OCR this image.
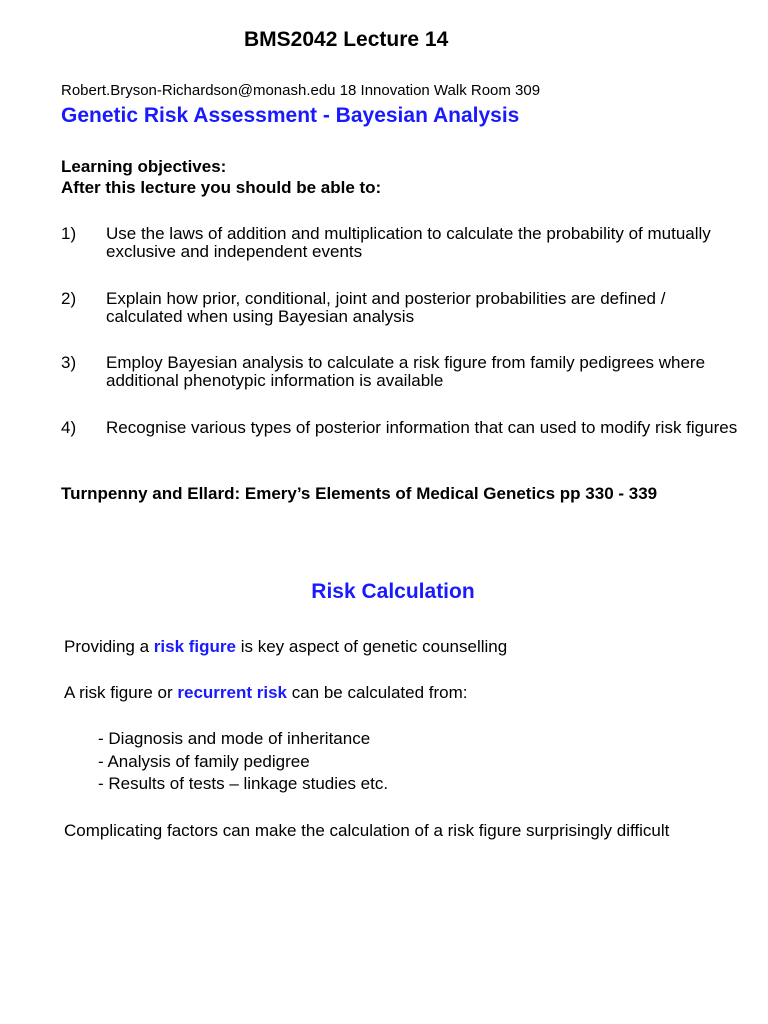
BMS2042 Lecture 14
Robert.Bryson-Richardson@monash.edu 18 Innovation Walk Room 309
Genetic Risk Assessment - Bayesian Analysis
Learning objectives:
After this lecture you should be able to:
1) Use the laws of addition and multiplication to calculate the probability of mutually exclusive and independent events
2) Explain how prior, conditional, joint and posterior probabilities are defined / calculated when using Bayesian analysis
3) Employ Bayesian analysis to calculate a risk figure from family pedigrees where additional phenotypic information is available
4) Recognise various types of posterior information that can used to modify risk figures
Turnpenny and Ellard: Emery’s Elements of Medical Genetics pp 330 - 339
Risk Calculation
Providing a risk figure is key aspect of genetic counselling
A risk figure or recurrent risk can be calculated from:
- Diagnosis and mode of inheritance
- Analysis of family pedigree
- Results of tests – linkage studies etc.
Complicating factors can make the calculation of a risk figure surprisingly difficult
